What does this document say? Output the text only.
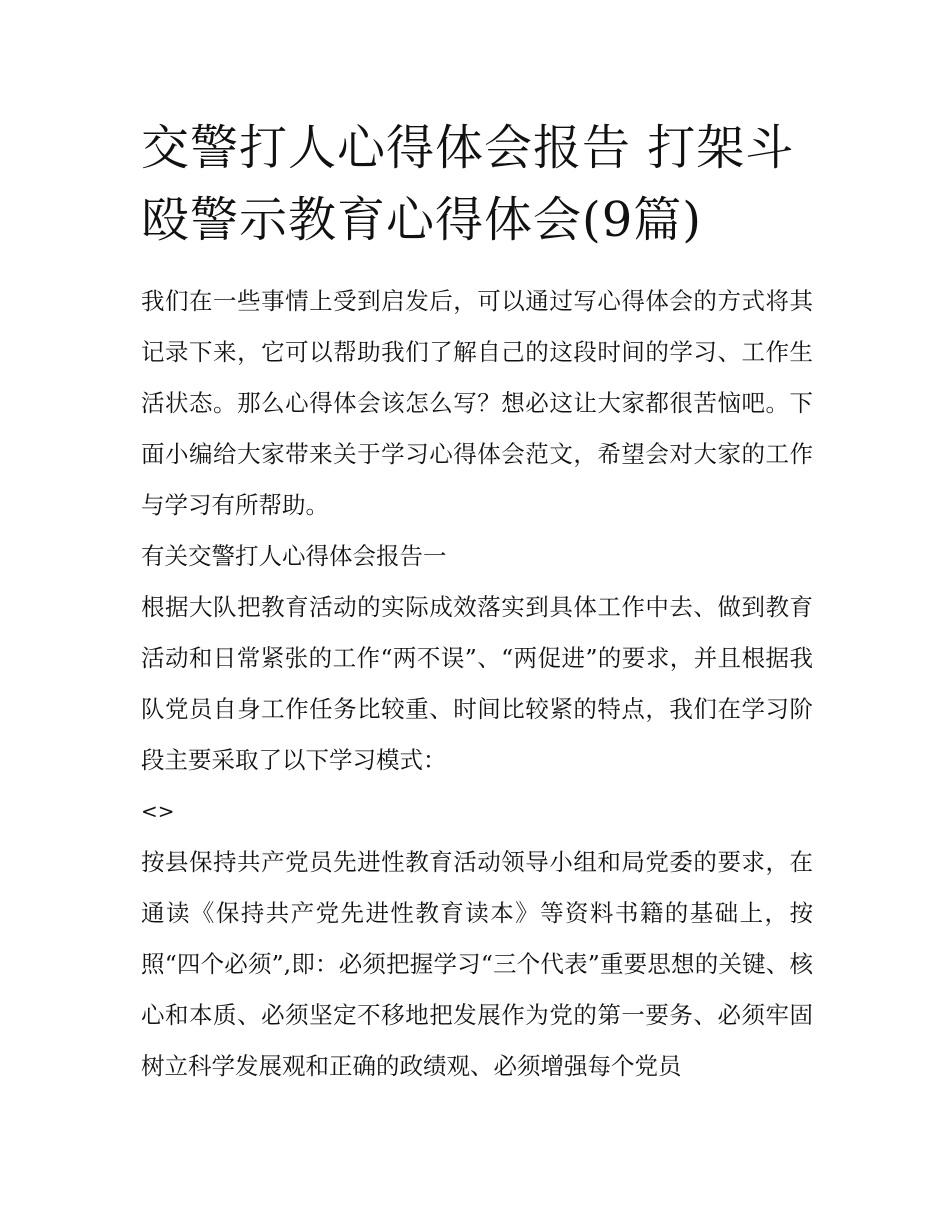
交警打人心得体会报告 打架斗殴警示教育心得体会(9篇)

我们在一些事情上受到启发后，可以通过写心得体会的方式将其记录下来，它可以帮助我们了解自己的这段时间的学习、工作生活状态。那么心得体会该怎么写？想必这让大家都很苦恼吧。下面小编给大家带来关于学习心得体会范文，希望会对大家的工作与学习有所帮助。

有关交警打人心得体会报告一

根据大队把教育活动的实际成效落实到具体工作中去、做到教育活动和日常紧张的工作“两不误”、“两促进”的要求，并且根据我队党员自身工作任务比较重、时间比较紧的特点，我们在学习阶段主要采取了以下学习模式：

<>

按县保持共产党员先进性教育活动领导小组和局党委的要求，在通读《保持共产党先进性教育读本》等资料书籍的基础上，按照“四个必须”,即：必须把握学习“三个代表”重要思想的关键、核心和本质、必须坚定不移地把发展作为党的第一要务、必须牢固树立科学发展观和正确的政绩观、必须增强每个党员
